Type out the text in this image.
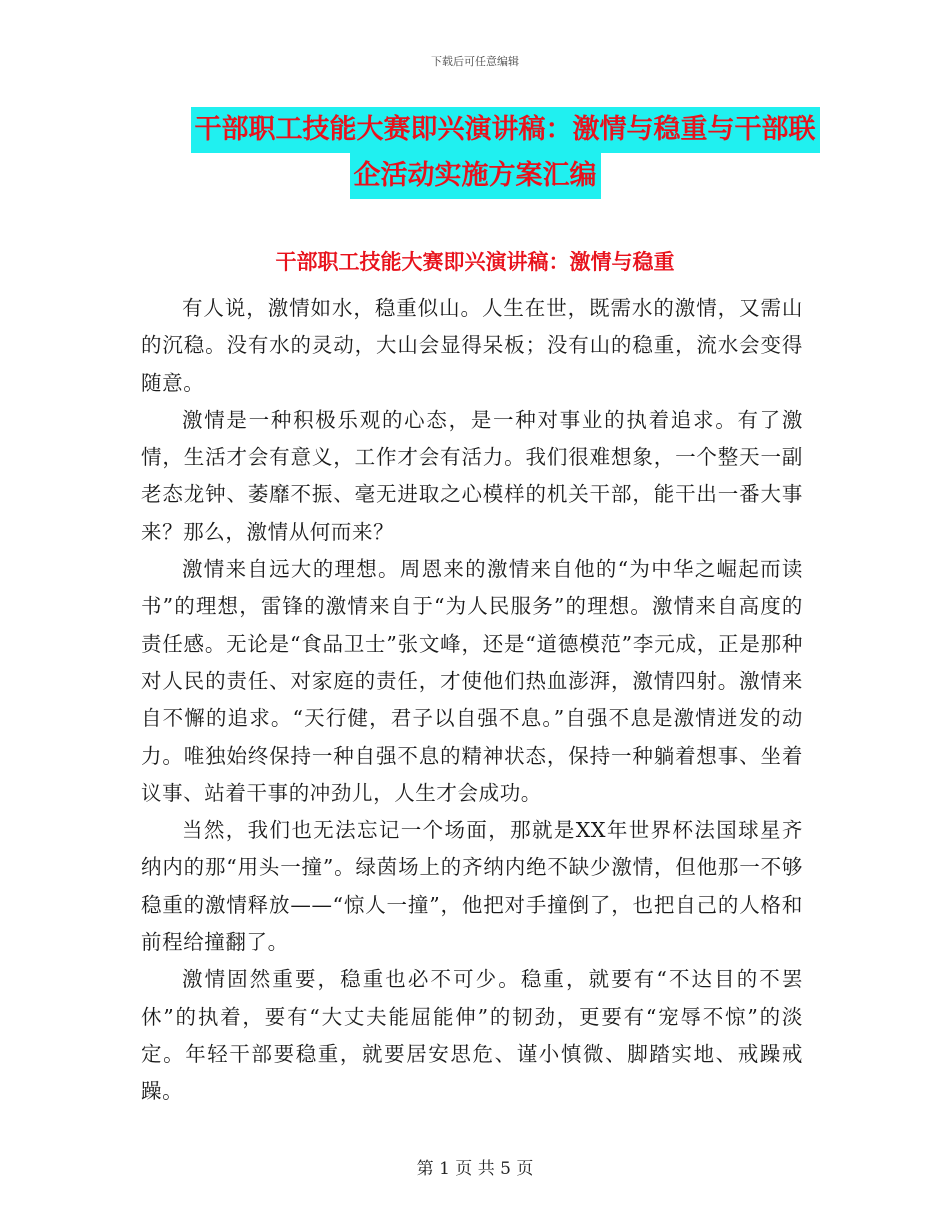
下载后可任意编辑
干部职工技能大赛即兴演讲稿：激情与稳重与干部联
企活动实施方案汇编
干部职工技能大赛即兴演讲稿：激情与稳重

有人说，激情如水，稳重似山。人生在世，既需水的激情，又需山的沉稳。没有水的灵动，大山会显得呆板；没有山的稳重，流水会变得随意。

激情是一种积极乐观的心态，是一种对事业的执着追求。有了激情，生活才会有意义，工作才会有活力。我们很难想象，一个整天一副老态龙钟、萎靡不振、毫无进取之心模样的机关干部，能干出一番大事来？那么，激情从何而来？

激情来自远大的理想。周恩来的激情来自他的“为中华之崛起而读书”的理想，雷锋的激情来自于“为人民服务”的理想。激情来自高度的责任感。无论是“食品卫士”张文峰，还是“道德模范”李元成，正是那种对人民的责任、对家庭的责任，才使他们热血澎湃，激情四射。激情来自不懈的追求。“天行健，君子以自强不息。”自强不息是激情迸发的动力。唯独始终保持一种自强不息的精神状态，保持一种躺着想事、坐着议事、站着干事的冲劲儿，人生才会成功。

当然，我们也无法忘记一个场面，那就是XX年世界杯法国球星齐纳内的那“用头一撞”。绿茵场上的齐纳内绝不缺少激情，但他那一不够稳重的激情释放——“惊人一撞”，他把对手撞倒了，也把自己的人格和前程给撞翻了。

激情固然重要，稳重也必不可少。稳重，就要有“不达目的不罢休”的执着，要有“大丈夫能屈能伸”的韧劲，更要有“宠辱不惊”的淡定。年轻干部要稳重，就要居安思危、谨小慎微、脚踏实地、戒躁戒躁。

第 1 页 共 5 页
